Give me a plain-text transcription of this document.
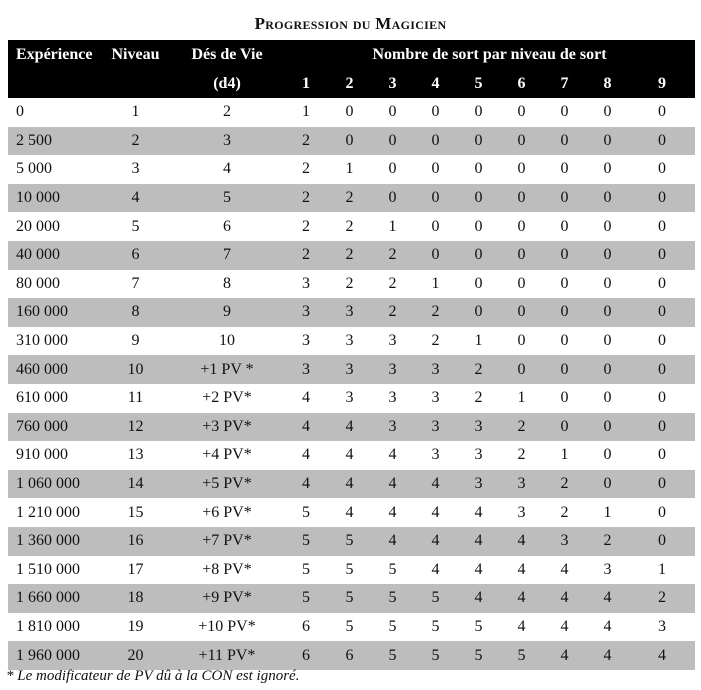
Progression du Magicien
Expérience	Niveau	Dés de Vie	Nombre de sort par niveau de sort								
		(d4)	1	2	3	4	5	6	7	8	9
0	1	2	1	0	0	0	0	0	0	0	0
2 500	2	3	2	0	0	0	0	0	0	0	0
5 000	3	4	2	1	0	0	0	0	0	0	0
10 000	4	5	2	2	0	0	0	0	0	0	0
20 000	5	6	2	2	1	0	0	0	0	0	0
40 000	6	7	2	2	2	0	0	0	0	0	0
80 000	7	8	3	2	2	1	0	0	0	0	0
160 000	8	9	3	3	2	2	0	0	0	0	0
310 000	9	10	3	3	3	2	1	0	0	0	0
460 000	10	+1 PV *	3	3	3	3	2	0	0	0	0
610 000	11	+2 PV*	4	3	3	3	2	1	0	0	0
760 000	12	+3 PV*	4	4	3	3	3	2	0	0	0
910 000	13	+4 PV*	4	4	4	3	3	2	1	0	0
1 060 000	14	+5 PV*	4	4	4	4	3	3	2	0	0
1 210 000	15	+6 PV*	5	4	4	4	4	3	2	1	0
1 360 000	16	+7 PV*	5	5	4	4	4	4	3	2	0
1 510 000	17	+8 PV*	5	5	5	4	4	4	4	3	1
1 660 000	18	+9 PV*	5	5	5	5	4	4	4	4	2
1 810 000	19	+10 PV*	6	5	5	5	5	4	4	4	3
1 960 000	20	+11 PV*	6	6	5	5	5	5	4	4	4
* Le modificateur de PV dû à la CON est ignoré.
